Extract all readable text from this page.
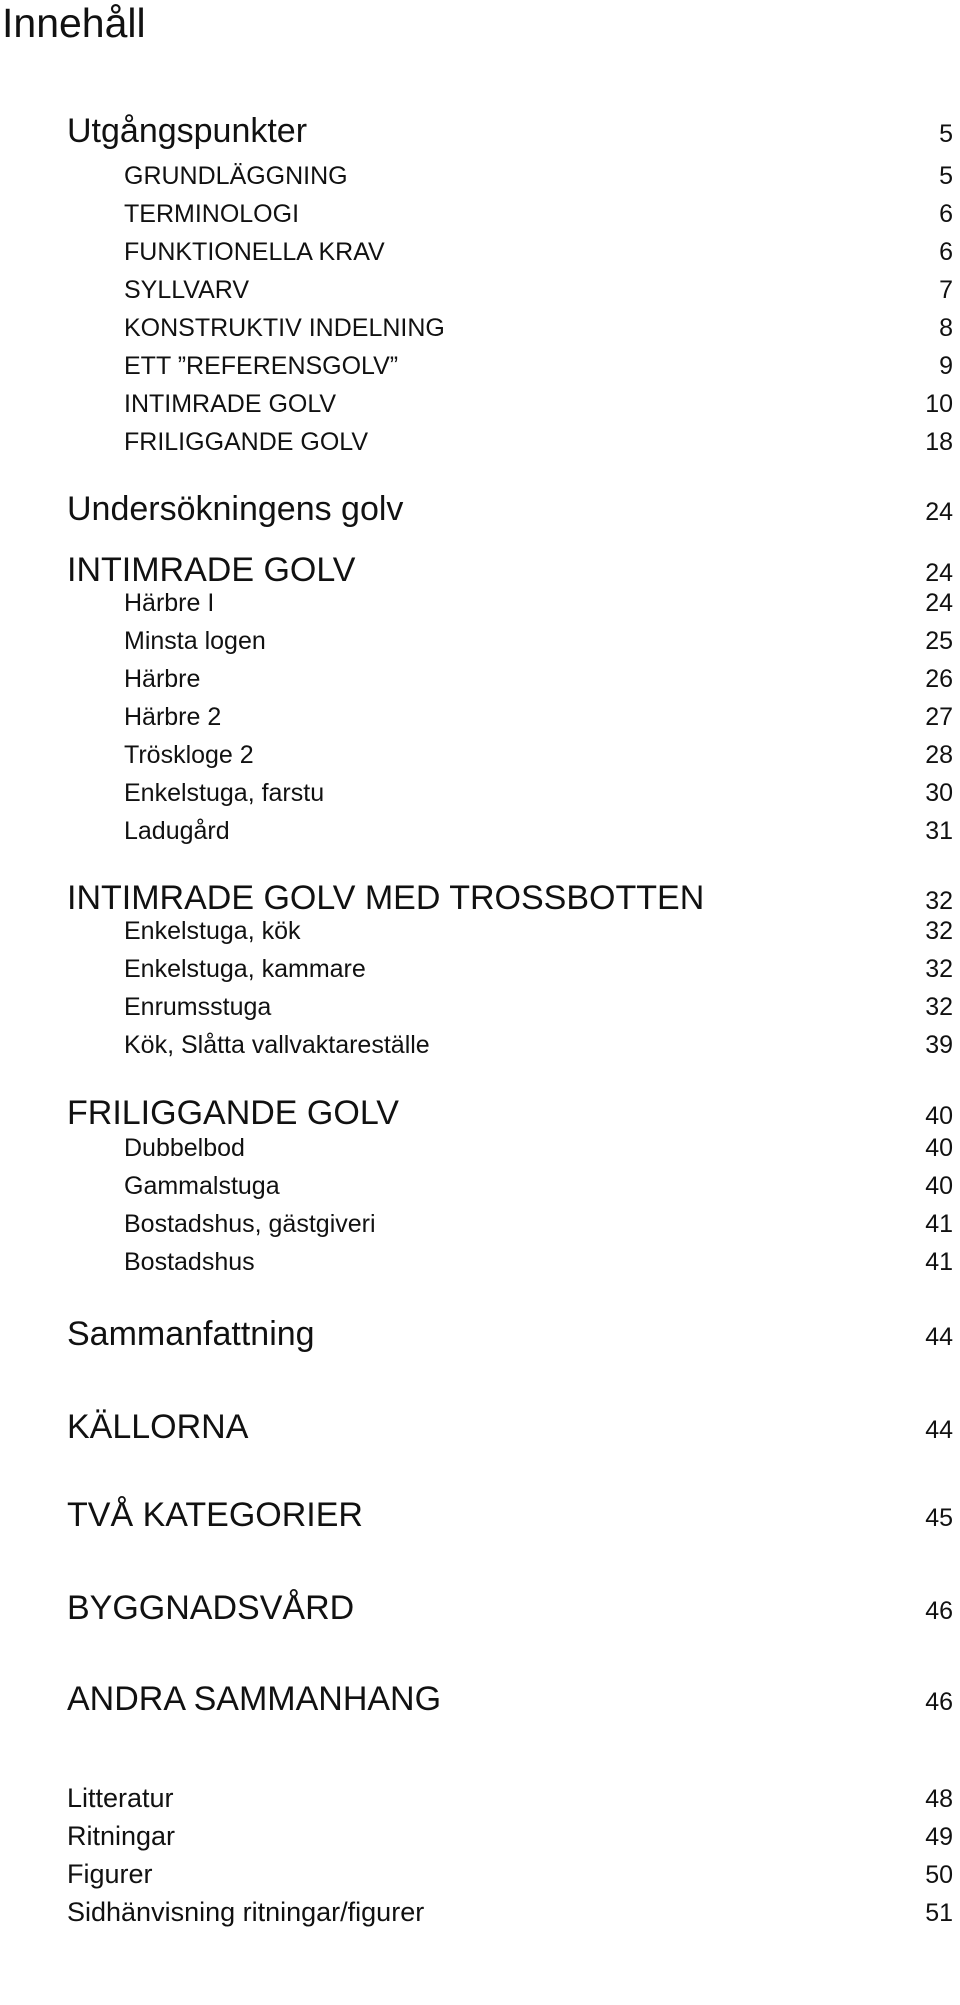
Innehåll
Utgångspunkter	5
GRUNDLÄGGNING	5
TERMINOLOGI	6
FUNKTIONELLA KRAV	6
SYLLVARV	7
KONSTRUKTIV INDELNING	8
ETT ”REFERENSGOLV”	9
INTIMRADE GOLV	10
FRILIGGANDE GOLV	18
Undersökningens golv	24
INTIMRADE GOLV	24
Härbre I	24
Minsta logen	25
Härbre	26
Härbre 2	27
Tröskloge 2	28
Enkelstuga, farstu	30
Ladugård	31
INTIMRADE GOLV MED TROSSBOTTEN	32
Enkelstuga, kök	32
Enkelstuga, kammare	32
Enrumsstuga	32
Kök, Slåtta vallvaktareställe	39
FRILIGGANDE GOLV	40
Dubbelbod	40
Gammalstuga	40
Bostadshus, gästgiveri	41
Bostadshus	41
Sammanfattning	44
KÄLLORNA	44
TVÅ KATEGORIER	45
BYGGNADSVÅRD	46
ANDRA SAMMANHANG	46
Litteratur	48
Ritningar	49
Figurer	50
Sidhänvisning ritningar/figurer	51
